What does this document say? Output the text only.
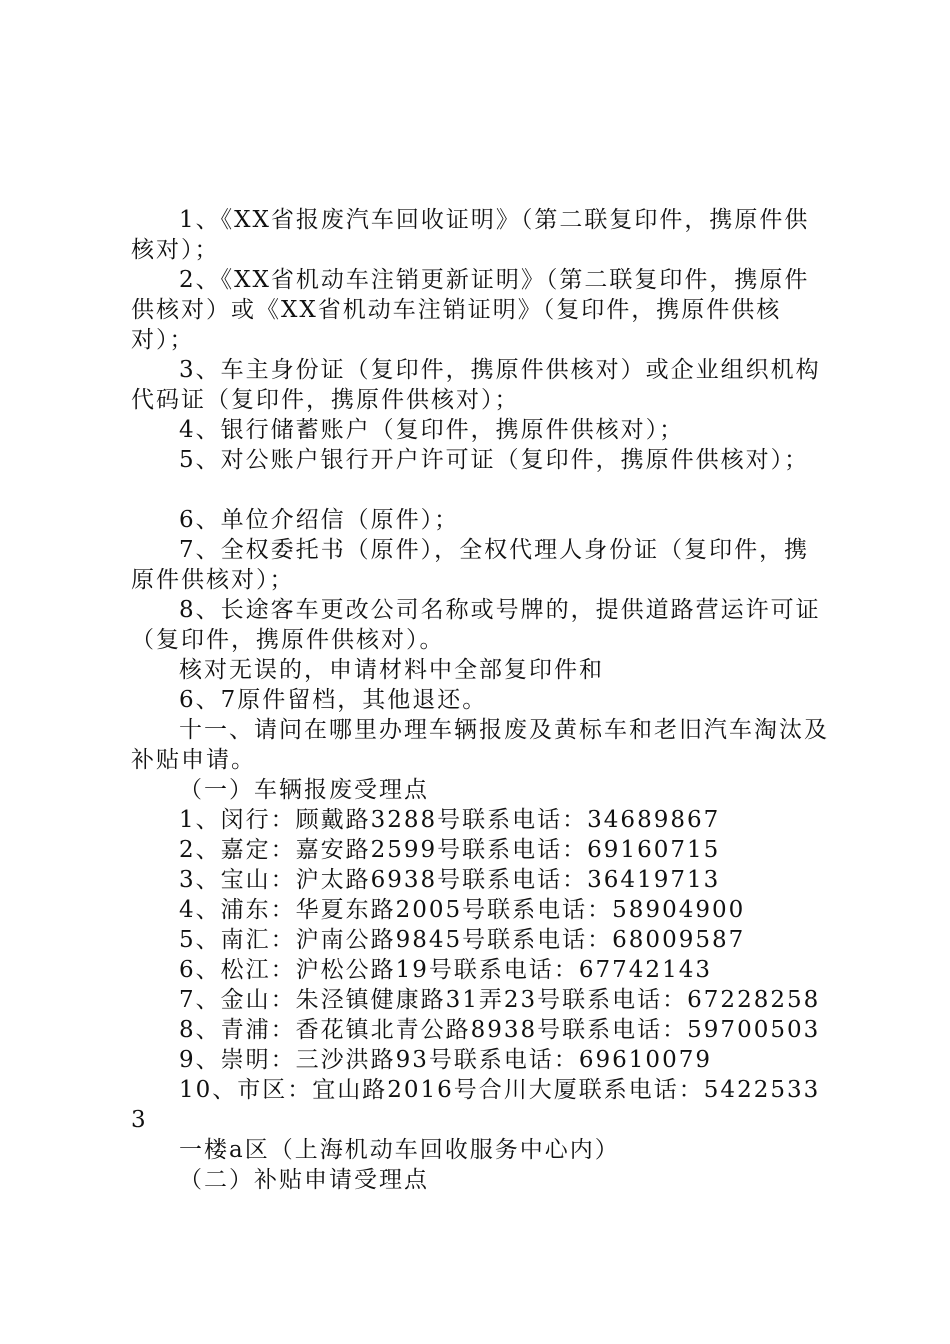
1、《XX省报废汽车回收证明》（第二联复印件，携原件供核对）；

2、《XX省机动车注销更新证明》（第二联复印件，携原件供核对）或《XX省机动车注销证明》（复印件，携原件供核对）；

3、车主身份证（复印件，携原件供核对）或企业组织机构代码证（复印件，携原件供核对）；

4、银行储蓄账户（复印件，携原件供核对）；

5、对公账户银行开户许可证（复印件，携原件供核对）；

6、单位介绍信（原件）；

7、全权委托书（原件），全权代理人身份证（复印件，携原件供核对）；

8、长途客车更改公司名称或号牌的，提供道路营运许可证（复印件，携原件供核对）。

核对无误的，申请材料中全部复印件和

6、7原件留档，其他退还。

十一、请问在哪里办理车辆报废及黄标车和老旧汽车淘汰及补贴申请。

（一）车辆报废受理点

1、闵行：顾戴路3288号联系电话：34689867

2、嘉定：嘉安路2599号联系电话：69160715

3、宝山：沪太路6938号联系电话：36419713

4、浦东：华夏东路2005号联系电话：58904900

5、南汇：沪南公路9845号联系电话：68009587

6、松江：沪松公路19号联系电话：67742143

7、金山：朱泾镇健康路31弄23号联系电话：67228258

8、青浦：香花镇北青公路8938号联系电话：59700503

9、崇明：三沙洪路93号联系电话：69610079

10、市区：宜山路2016号合川大厦联系电话：54225333

一楼a区（上海机动车回收服务中心内）

（二）补贴申请受理点
